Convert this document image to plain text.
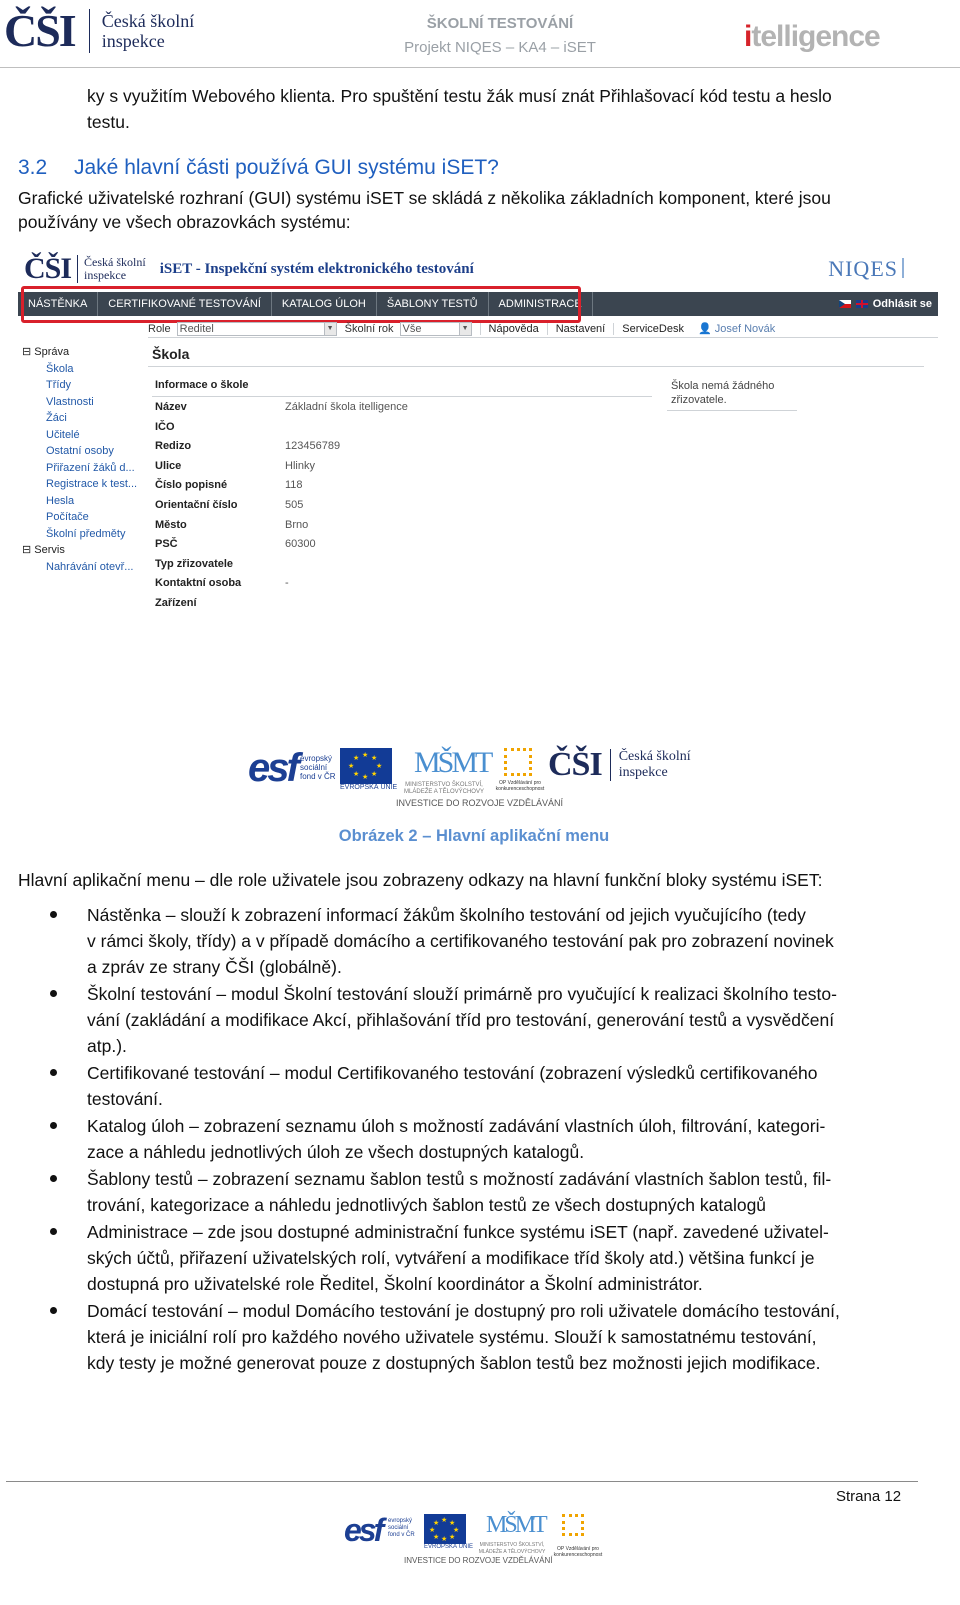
ČŠI Česká školní
inspekce
ŠKOLNÍ TESTOVÁNÍ
Projekt NIQES – KA4 – iSET	itelligence
ky s využitím Webového klienta. Pro spuštění testu žák musí znát Přihlašovací kód testu a heslo
testu.
3.2 Jaké hlavní části používá GUI systému iSET?
Grafické uživatelské rozhraní (GUI) systému iSET se skládá z několika základních komponent, které jsou
používány ve všech obrazovkách systému:
ČŠI Česká školní
inspekce	iSET - Inspekční systém elektronického testování	NIQES
NÁSTĚNKA	CERTIFIKOVANÉ TESTOVÁNÍ	KATALOG ÚLOH	ŠABLONY TESTŮ	ADMINISTRACE	Odhlásit se
Role Reditel	▼ Školní rok Vše	▼	Nápověda	Nastavení	ServiceDesk	👤 Josef Novák
⊟ Správa
Škola
Třídy
Vlastnosti
Žáci
Učitelé
Ostatní osoby
Přiřazení žáků d...
Registrace k test...
Hesla
Počítače
Školní předměty
⊟ Servis
Nahrávání otevř...
Škola
Informace o škole
Název	Základní škola itelligence
IČO
Redizo	123456789
Ulice	Hlinky
Číslo popisné	118
Orientační číslo	505
Město	Brno
PSČ	60300
Typ zřizovatele
Kontaktní osoba	-
Zařízení
Škola nemá žádného zřizovatele.
esf evropský sociální fond v ČR
★ ★
★
★
★
★
★
★
EVROPSKÁ UNIE
MŠMT
MINISTERSTVO ŠKOLSTVÍ, MLÁDEŽE A TĚLOVÝCHOVY
OP Vzdělávání pro konkurenceschopnost
ČŠI Česká školní
inspekce
INVESTICE DO ROZVOJE VZDĚLÁVÁNÍ
Obrázek 2 – Hlavní aplikační menu
Hlavní aplikační menu – dle role uživatele jsou zobrazeny odkazy na hlavní funkční bloky systému iSET:
Nástěnka – slouží k zobrazení informací žákům školního testování od jejich vyučujícího (tedy
v rámci školy, třídy) a v případě domácího a certifikovaného testování pak pro zobrazení novinek
a zpráv ze strany ČŠI (globálně).
Školní testování – modul Školní testování slouží primárně pro vyučující k realizaci školního testo-
vání (zakládání a modifikace Akcí, přihlašování tříd pro testování, generování testů a vysvědčení
atp.).
Certifikované testování – modul Certifikovaného testování (zobrazení výsledků certifikovaného
testování.
Katalog úloh – zobrazení seznamu úloh s možností zadávání vlastních úloh, filtrování, kategori-
zace a náhledu jednotlivých úloh ze všech dostupných katalogů.
Šablony testů – zobrazení seznamu šablon testů s možností zadávání vlastních šablon testů, fil-
trování, kategorizace a náhledu jednotlivých šablon testů ze všech dostupných katalogů
Administrace – zde jsou dostupné administrační funkce systému iSET (např. zavedené uživatel-
ských účtů, přiřazení uživatelských rolí, vytváření a modifikace tříd školy atd.) většina funkcí je
dostupná pro uživatelské role Ředitel, Školní koordinátor a Školní administrátor.
Domácí testování – modul Domácího testování je dostupný pro roli uživatele domácího testování,
která je iniciální rolí pro každého nového uživatele systému. Slouží k samostatnému testování,
kdy testy je možné generovat pouze z dostupných šablon testů bez možnosti jejich modifikace.
Strana 12
esf evropský sociální fond v ČR
★ ★
★
★
★
★
★
★
EVROPSKÁ UNIE
MŠMT
MINISTERSTVO ŠKOLSTVÍ, MLÁDEŽE A TĚLOVÝCHOVY	OP Vzdělávání pro konkurenceschopnost
INVESTICE DO ROZVOJE VZDĚLÁVÁNÍ
